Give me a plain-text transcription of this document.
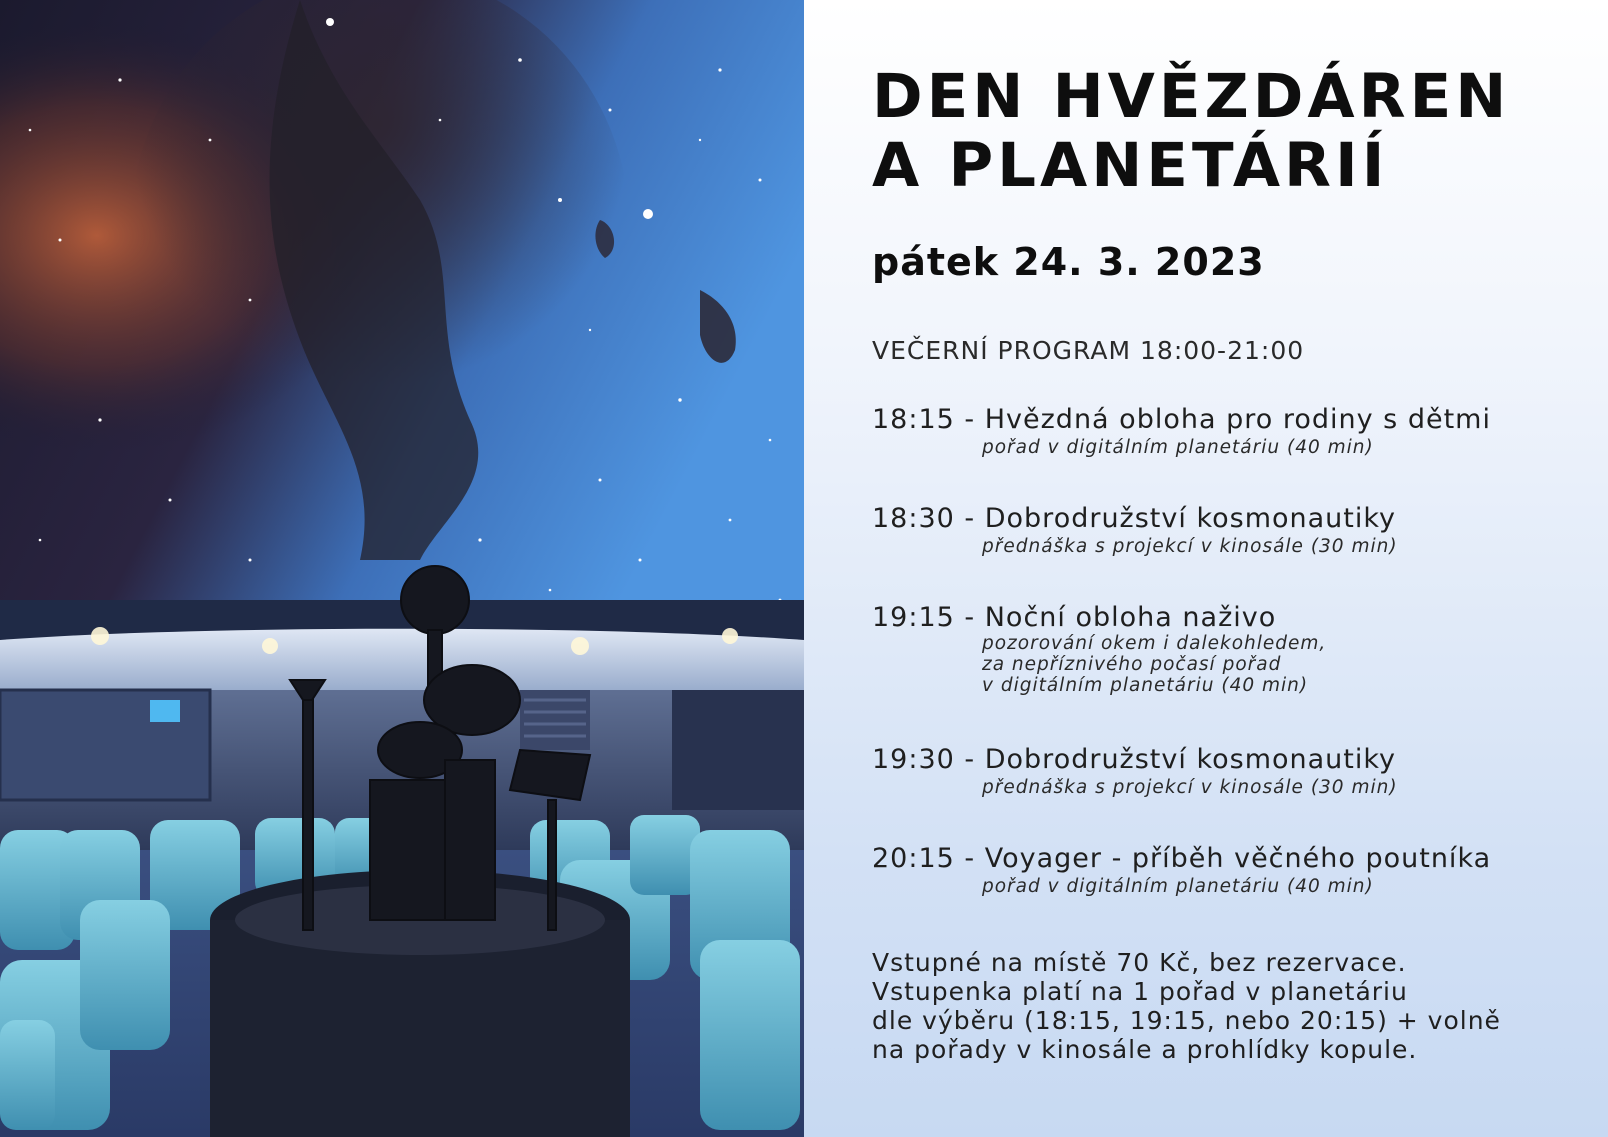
DEN HVĚZDÁREN
A PLANETÁRIÍ
pátek 24. 3. 2023
VEČERNÍ PROGRAM 18:00-21:00
18:15 - Hvězdná obloha pro rodiny s dětmi
pořad v digitálním planetáriu (40 min)
18:30 - Dobrodružství kosmonautiky
přednáška s projekcí v kinosále (30 min)
19:15 - Noční obloha naživo
pozorování okem i dalekohledem,
za nepříznivého počasí pořad
v digitálním planetáriu (40 min)
19:30 - Dobrodružství kosmonautiky
přednáška s projekcí v kinosále (30 min)
20:15 - Voyager - příběh věčného poutníka
pořad v digitálním planetáriu (40 min)
Vstupné na místě 70 Kč, bez rezervace.
Vstupenka platí na 1 pořad v planetáriu
dle výběru (18:15, 19:15, nebo 20:15) + volně
na pořady v kinosále a prohlídky kopule.
